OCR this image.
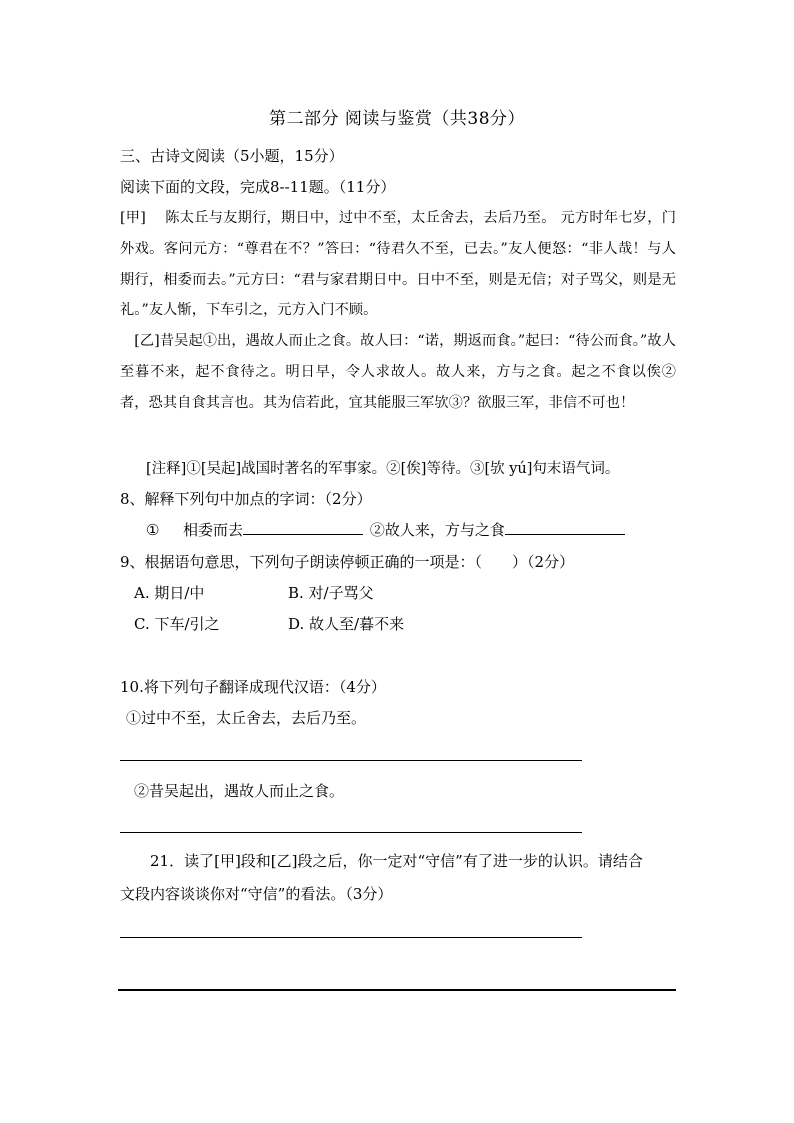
第二部分 阅读与鉴赏（共38分）
三、古诗文阅读（5小题，15分）
阅读下面的文段，完成8--11题。（11分）

[甲]　 陈太丘与友期行，期日中，过中不至，太丘舍去，去后乃至。 元方时年七岁，门外戏。客问元方：“尊君在不？”答曰：“待君久不至，已去。”友人便怒：“非人哉！与人期行，相委而去。”元方曰：“君与家君期日中。日中不至，则是无信；对子骂父，则是无礼。”友人惭，下车引之，元方入门不顾。

[乙]昔吴起①出，遇故人而止之食。故人曰：“诺，期返而食。”起曰：“待公而食。”故人至暮不来，起不食待之。明日早，令人求故人。故人来，方与之食。起之不食以俟②者，恐其自食其言也。其为信若此，宜其能服三军欤③？欲服三军，非信不可也！

[注释]①[吴起]战国时著名的军事家。②[俟]等待。③[欤 yú]句末语气词。
8、解释下列句中加点的字词：（2分）
① 相委而去	②故人来，方与之食
9、根据语句意思，下列句子朗读停顿正确的一项是：（　　）（2分）
A. 期日/中	B. 对/子骂父
C. 下车/引之	D. 故人至/暮不来
10.将下列句子翻译成现代汉语：（4分）
①过中不至，太丘舍去，去后乃至。
②昔吴起出，遇故人而止之食。

21．读了[甲]段和[乙]段之后，你一定对“守信”有了进一步的认识。请结合

文段内容谈谈你对“守信”的看法。（3分）
